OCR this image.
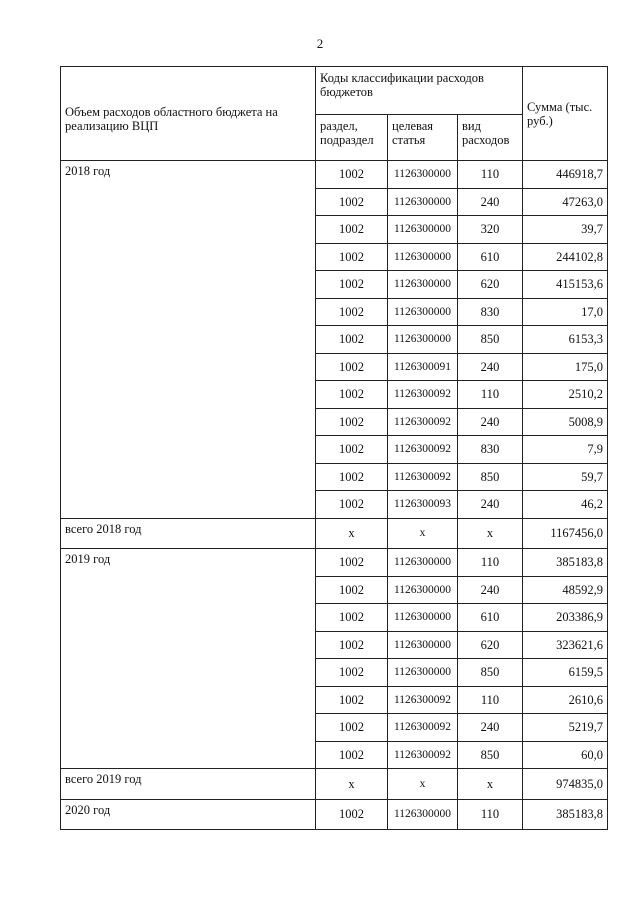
2
Объем расходов областного бюджета на реализацию ВЦП	Коды классификации расходов бюджетов			Сумма (тыс. руб.)
	раздел, подраздел	целевая статья	вид расходов	
2018 год	1002	1126300000	110	446918,7
	1002	1126300000	240	47263,0
	1002	1126300000	320	39,7
	1002	1126300000	610	244102,8
	1002	1126300000	620	415153,6
	1002	1126300000	830	17,0
	1002	1126300000	850	6153,3
	1002	1126300091	240	175,0
	1002	1126300092	110	2510,2
	1002	1126300092	240	5008,9
	1002	1126300092	830	7,9
	1002	1126300092	850	59,7
	1002	1126300093	240	46,2
всего 2018 год	х	х	х	1167456,0
2019 год	1002	1126300000	110	385183,8
	1002	1126300000	240	48592,9
	1002	1126300000	610	203386,9
	1002	1126300000	620	323621,6
	1002	1126300000	850	6159,5
	1002	1126300092	110	2610,6
	1002	1126300092	240	5219,7
	1002	1126300092	850	60,0
всего 2019 год	х	х	х	974835,0
2020 год	1002	1126300000	110	385183,8
